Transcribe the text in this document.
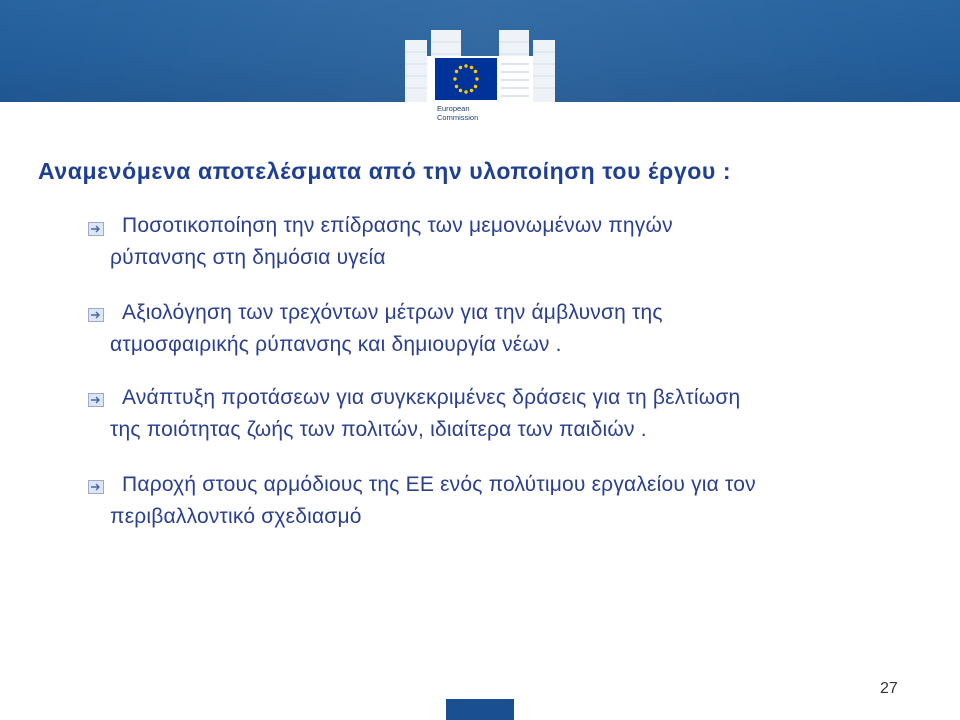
European
Commission
Αναμενόμενα αποτελέσματα από την υλοποίηση του έργου :
Ποσοτικοποίηση την επίδρασης των μεμονωμένων πηγών
ρύπανσης στη δημόσια υγεία
Αξιολόγηση των τρεχόντων μέτρων για την άμβλυνση της
ατμοσφαιρικής ρύπανσης και δημιουργία νέων .
Ανάπτυξη προτάσεων για συγκεκριμένες δράσεις για τη βελτίωση
της ποιότητας ζωής των πολιτών, ιδιαίτερα των παιδιών .
Παροχή στους αρμόδιους της ΕΕ ενός πολύτιμου εργαλείου για τον
περιβαλλοντικό σχεδιασμό
27
